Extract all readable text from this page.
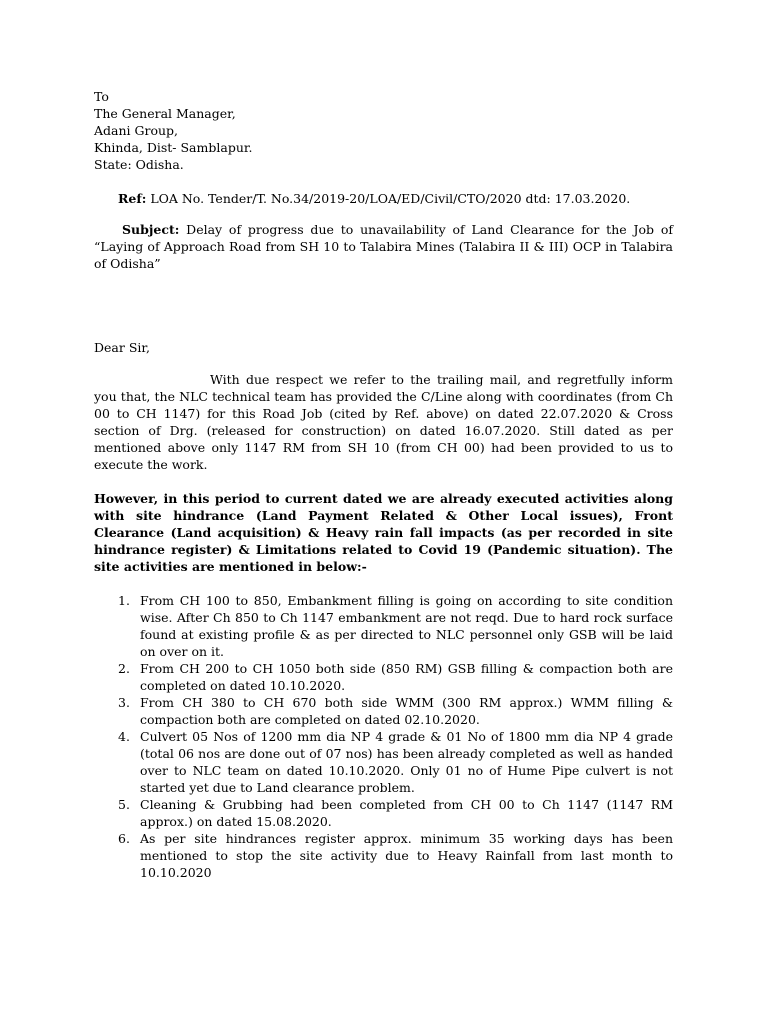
To
The General Manager,
Adani Group,
Khinda, Dist- Samblapur.
State: Odisha.
Ref: LOA No. Tender/T. No.34/2019-20/LOA/ED/Civil/CTO/2020 dtd: 17.03.2020.
Subject: Delay of progress due to unavailability of Land Clearance for the Job of “Laying of Approach Road from SH 10 to Talabira Mines (Talabira II & III) OCP in Talabira of Odisha”
Dear Sir,
With due respect we refer to the trailing mail, and regretfully inform you that, the NLC technical team has provided the C/Line along with coordinates (from Ch 00 to CH 1147) for this Road Job (cited by Ref. above) on dated 22.07.2020 & Cross section of Drg. (released for construction) on dated 16.07.2020. Still dated as per mentioned above only 1147 RM from SH 10 (from CH 00) had been provided to us to execute the work.
However, in this period to current dated we are already executed activities along with site hindrance (Land Payment Related & Other Local issues), Front Clearance (Land acquisition) & Heavy rain fall impacts (as per recorded in site hindrance register) & Limitations related to Covid 19 (Pandemic situation). The site activities are mentioned in below:-
1. From CH 100 to 850, Embankment filling is going on according to site condition wise. After Ch 850 to Ch 1147 embankment are not reqd. Due to hard rock surface found at existing profile & as per directed to NLC personnel only GSB will be laid on over on it.
2. From CH 200 to CH 1050 both side (850 RM) GSB filling & compaction both are completed on dated 10.10.2020.
3. From CH 380 to CH 670 both side WMM (300 RM approx.) WMM filling & compaction both are completed on dated 02.10.2020.
4. Culvert 05 Nos of 1200 mm dia NP 4 grade & 01 No of 1800 mm dia NP 4 grade (total 06 nos are done out of 07 nos) has been already completed as well as handed over to NLC team on dated 10.10.2020. Only 01 no of Hume Pipe culvert is not started yet due to Land clearance problem.
5. Cleaning & Grubbing had been completed from CH 00 to Ch 1147 (1147 RM approx.) on dated 15.08.2020.
6. As per site hindrances register approx. minimum 35 working days has been mentioned to stop the site activity due to Heavy Rainfall from last month to 10.10.2020
